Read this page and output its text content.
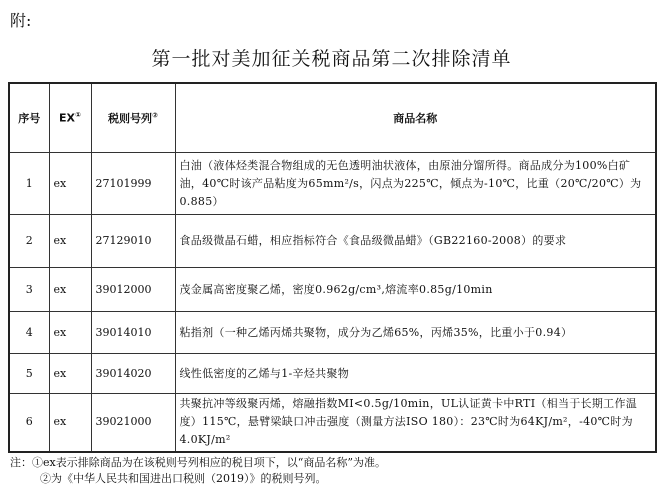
附:
第一批对美加征关税商品第二次排除清单
序号	EX①	税则号列②	商品名称
1	ex	27101999	白油（液体烃类混合物组成的无色透明油状液体，由原油分馏所得。商品成分为100%白矿油，40℃时该产品粘度为65mm²/s，闪点为225℃，倾点为-10℃，比重（20℃/20℃）为0.885）
2	ex	27129010	食品级微晶石蜡，相应指标符合《食品级微晶蜡》（GB22160-2008）的要求
3	ex	39012000	茂金属高密度聚乙烯，密度0.962g/cm³,熔流率0.85g/10min
4	ex	39014010	粘指剂（一种乙烯丙烯共聚物，成分为乙烯65%，丙烯35%，比重小于0.94）
5	ex	39014020	线性低密度的乙烯与1-辛烃共聚物
6	ex	39021000	共聚抗冲等级聚丙烯，熔融指数MI<0.5g/10min，UL认证黄卡中RTI（相当于长期工作温度）115℃，悬臂梁缺口冲击强度（测量方法ISO 180）：23℃时为64KJ/m²，-40℃时为4.0KJ/m²
注：①ex表示排除商品为在该税则号列相应的税目项下，以“商品名称”为准。
②为《中华人民共和国进出口税则（2019）》的税则号列。
